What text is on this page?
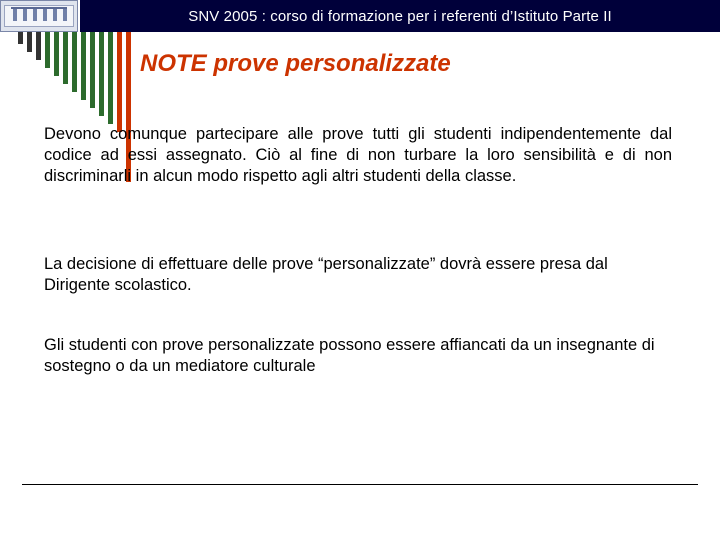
SNV 2005 : corso di formazione per i referenti d’Istituto Parte II
NOTE prove personalizzate
Devono comunque partecipare alle prove tutti gli studenti indipendentemente dal codice ad essi assegnato. Ciò al fine di non turbare la loro sensibilità e di non discriminarli in alcun modo rispetto agli altri studenti della classe.
La decisione di effettuare delle prove “personalizzate” dovrà essere presa dal Dirigente scolastico.
Gli studenti con prove personalizzate possono essere affiancati da un insegnante di sostegno o da un mediatore culturale
